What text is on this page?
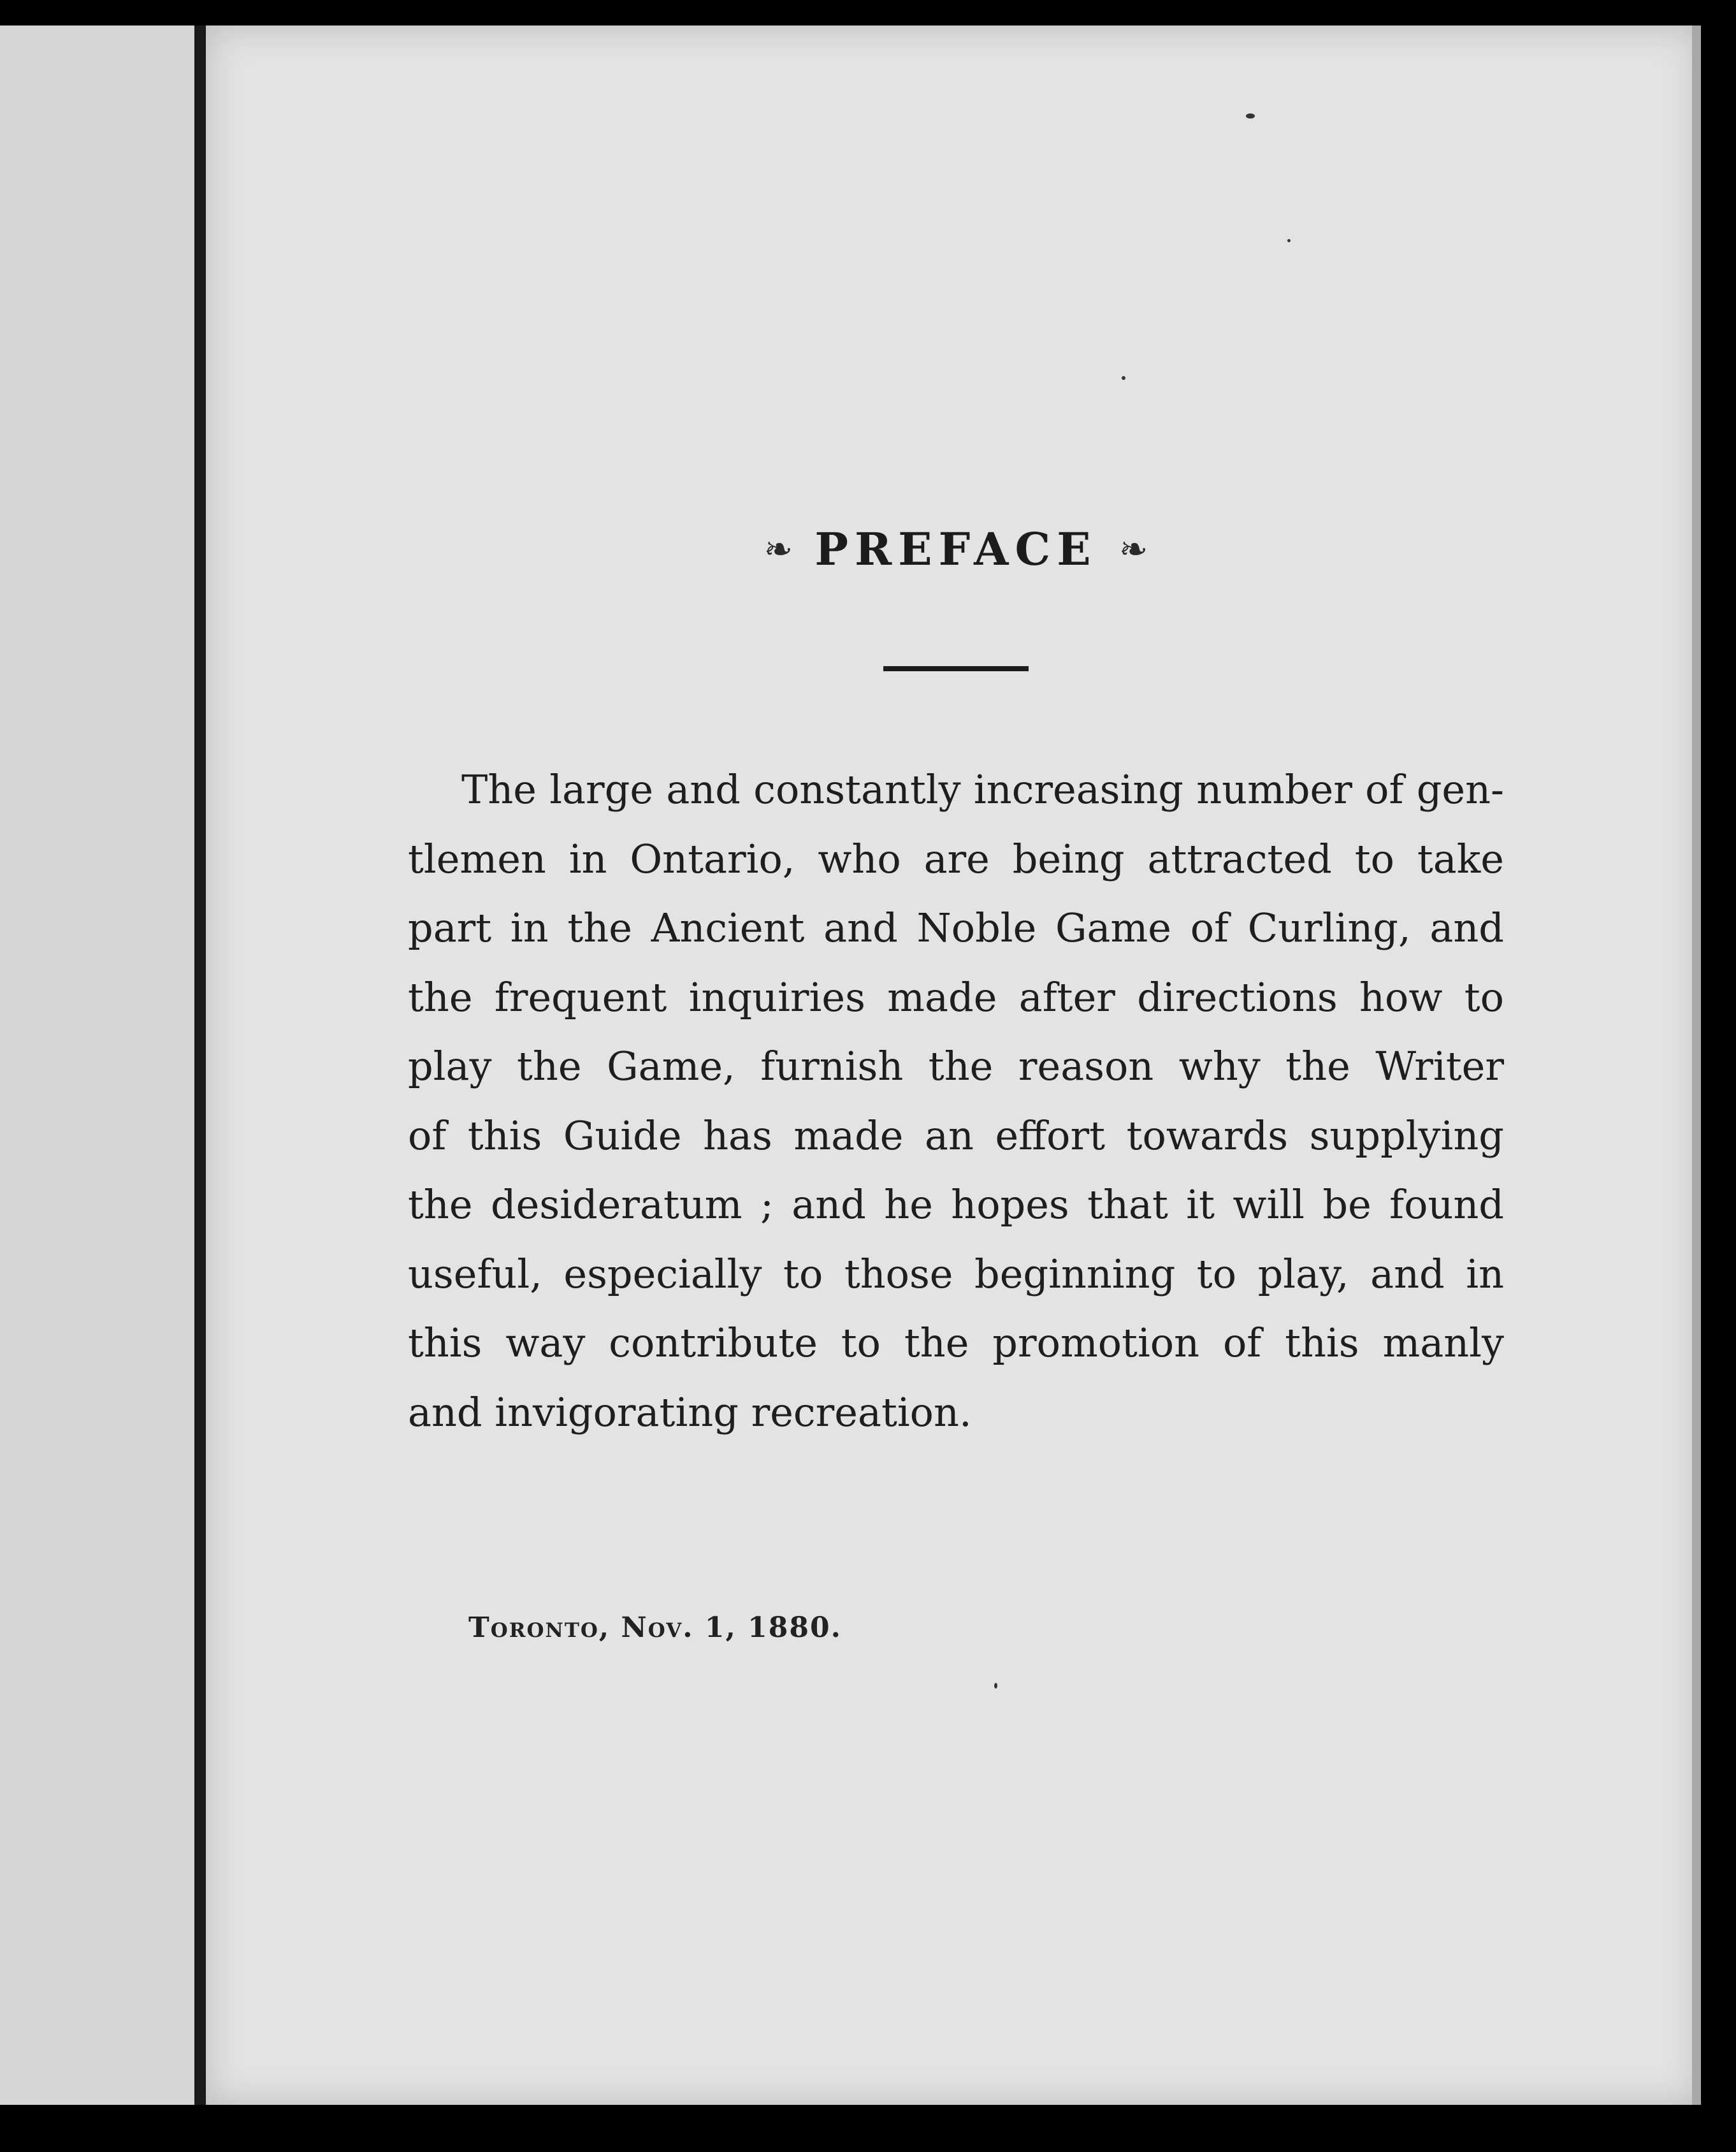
❧ PREFACE ❧
The large and constantly increasing number of gen-
tlemen in Ontario, who are being attracted to take
part in the Ancient and Noble Game of Curling, and
the frequent inquiries made after directions how to
play the Game, furnish the reason why the Writer
of this Guide has made an effort towards supplying
the desideratum ; and he hopes that it will be found
useful, especially to those beginning to play, and in
this way contribute to the promotion of this manly
and invigorating recreation.
Toronto, Nov. 1, 1880.
